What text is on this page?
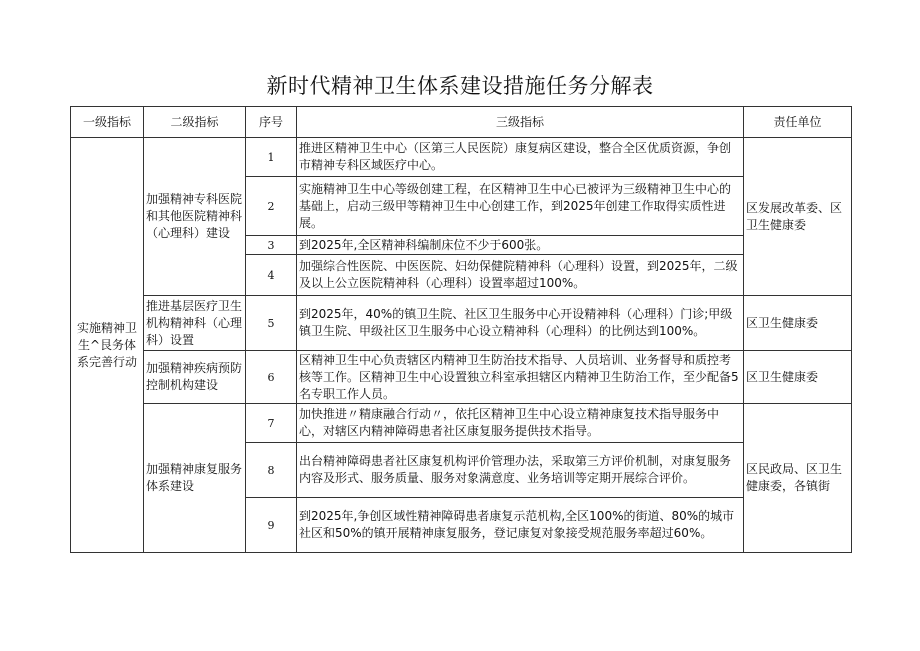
新时代精神卫生体系建设措施任务分解表
一级指标	二级指标	序号	三级指标	责任单位
实施精神卫生^艮务体系完善行动	加强精神专科医院和其他医院精神科（心理科）建设	1	推进区精神卫生中心（区第三人民医院）康复病区建设，整合全区优质资源，争创市精神专科区域医疗中心。	区发展改革委、区卫生健康委
		2	实施精神卫生中心等级创建工程，在区精神卫生中心已被评为三级精神卫生中心的基础上，启动三级甲等精神卫生中心创建工作，到2025年创建工作取得实质性进展。	
		3	到2025年,全区精神科编制床位不少于600张。	
		4	加强综合性医院、中医医院、妇幼保健院精神科（心理科）设置，到2025年，二级及以上公立医院精神科（心理科）设置率超过100%。	
	推进基层医疗卫生机构精神科（心理科）设置	5	到2025年，40%的镇卫生院、社区卫生服务中心开设精神科（心理科）门诊;甲级镇卫生院、甲级社区卫生服务中心设立精神科（心理科）的比例达到100%。	区卫生健康委
	加强精神疾病预防控制机构建设	6	区精神卫生中心负责辖区内精神卫生防治技术指导、人员培训、业务督导和质控考核等工作。区精神卫生中心设置独立科室承担辖区内精神卫生防治工作，至少配备5名专职工作人员。	区卫生健康委
	加强精神康复服务体系建设	7	加快推进〃精康融合行动〃，依托区精神卫生中心设立精神康复技术指导服务中心，对辖区内精神障碍患者社区康复服务提供技术指导。	区民政局、区卫生健康委，各镇街
		8	出台精神障碍患者社区康复机构评价管理办法，采取第三方评价机制，对康复服务内容及形式、服务质量、服务对象满意度、业务培训等定期开展综合评价。	
		9	到2025年,争创区域性精神障碍患者康复示范机构,全区100%的街道、80%的城市社区和50%的镇开展精神康复服务，登记康复对象接受规范服务率超过60%。	
